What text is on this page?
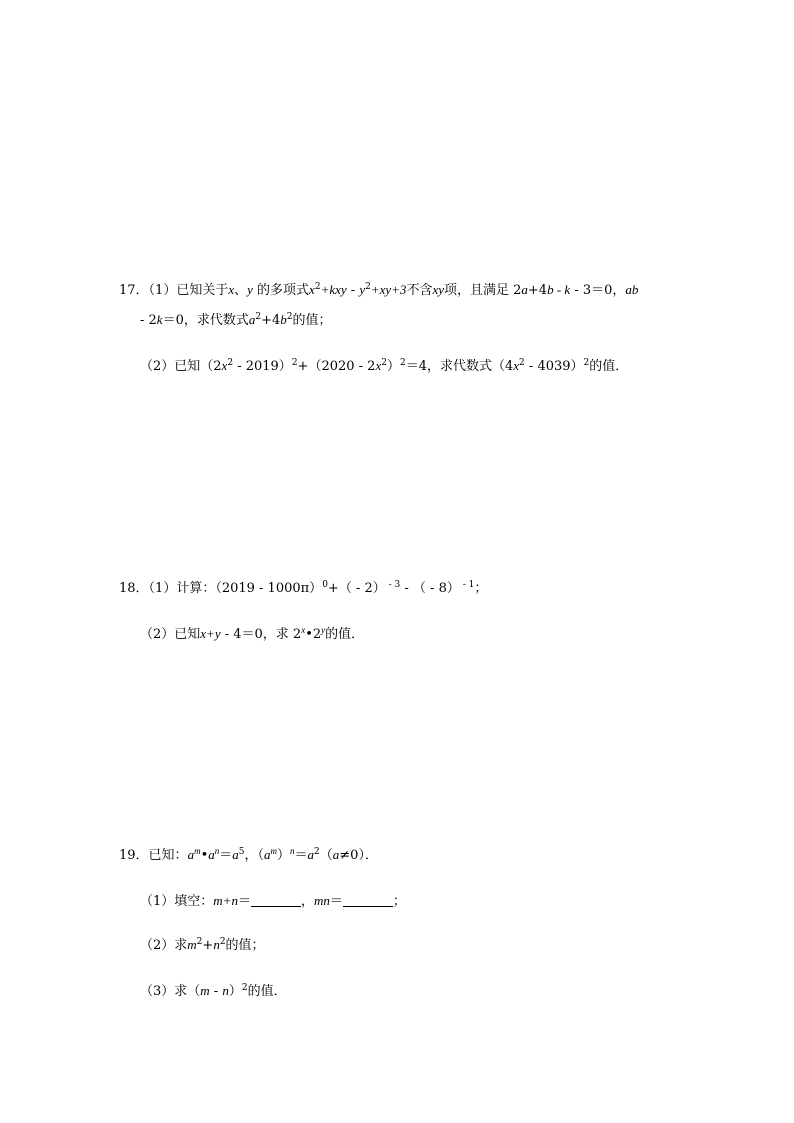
17．（1）已知关于x、y 的多项式$x^2+kxy - y^2+xy+3$不含xy项，且满足 2a+4b - k - 3＝0，ab
- 2k＝0，求代数式$a^2+4b^2$的值；
（2）已知$(2x^2 - 2019)^2+(2020 - 2x^2)^2=4$，求代数式$(4x^2 - 4039)^2$的值．
18．（1）计算：（2019 - 1000π）$^0$+（ - 2） $^{- 3}$ - （ - 8） $^{- 1}$；
（2）已知x+y - 4＝0，求 2$^x$•2$^y$的值．
19．已知：$a^m•a^n=a^5$，$(a^m)^n=a^2(a\ne 0)$．
（1）填空：m+n＝	，mn＝	；
（2）求$m^2+n^2$的值；
（3）求（m - n）$^2$的值．
